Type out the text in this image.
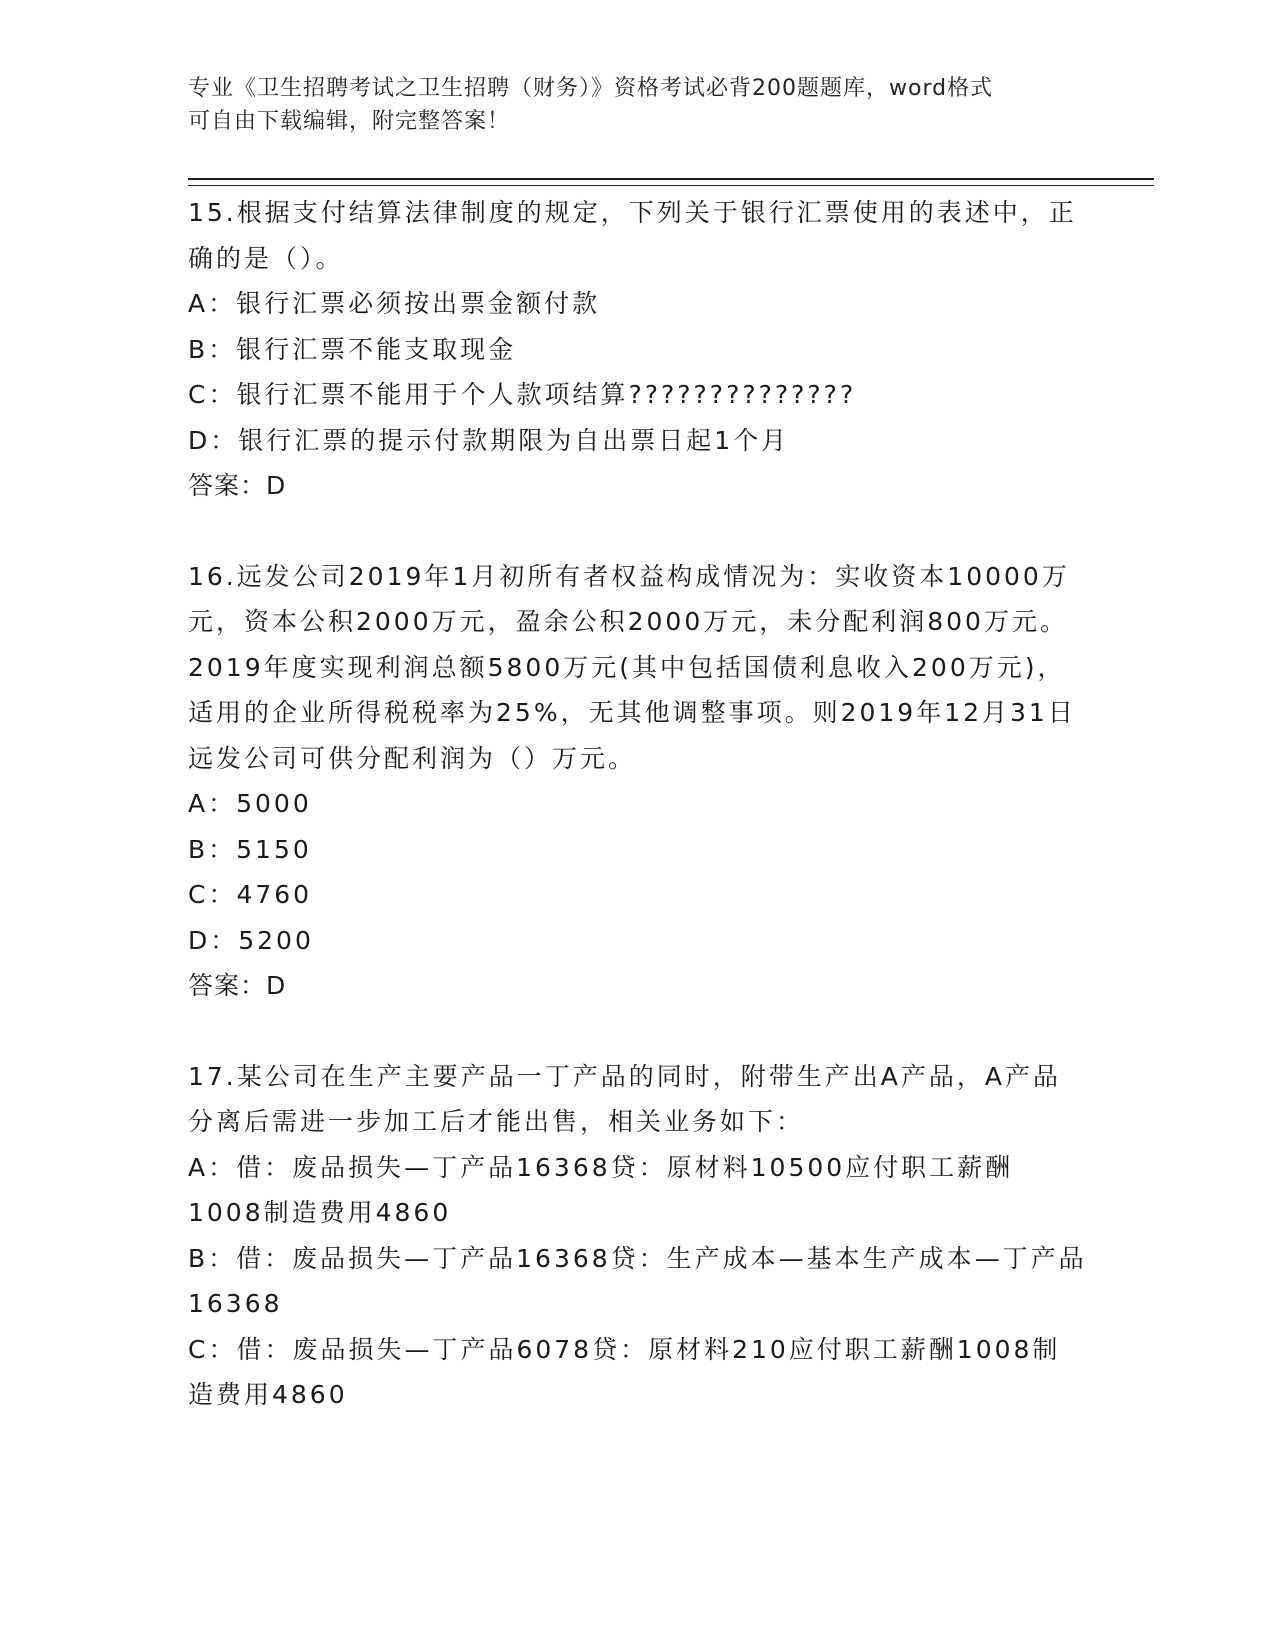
专业《卫生招聘考试之卫生招聘（财务）》资格考试必背200题题库，word格式
可自由下载编辑，附完整答案！

15.根据支付结算法律制度的规定，下列关于银行汇票使用的表述中，正确的是（）。

A：银行汇票必须按出票金额付款

B：银行汇票不能支取现金

C：银行汇票不能用于个人款项结算??????????????

D：银行汇票的提示付款期限为自出票日起1个月

答案：D

16.远发公司2019年1月初所有者权益构成情况为：实收资本10000万元，资本公积2000万元，盈余公积2000万元，未分配利润800万元。2019年度实现利润总额5800万元(其中包括国债利息收入200万元)，适用的企业所得税税率为25%，无其他调整事项。则2019年12月31日远发公司可供分配利润为（）万元。

A：5000

B：5150

C：4760

D：5200

答案：D

17.某公司在生产主要产品一丁产品的同时，附带生产出A产品，A产品分离后需进一步加工后才能出售，相关业务如下：

A：借：废品损失—丁产品16368贷：原材料10500应付职工薪酬1008制造费用4860

B：借：废品损失—丁产品16368贷：生产成本—基本生产成本—丁产品16368

C：借：废品损失—丁产品6078贷：原材料210应付职工薪酬1008制造费用4860
